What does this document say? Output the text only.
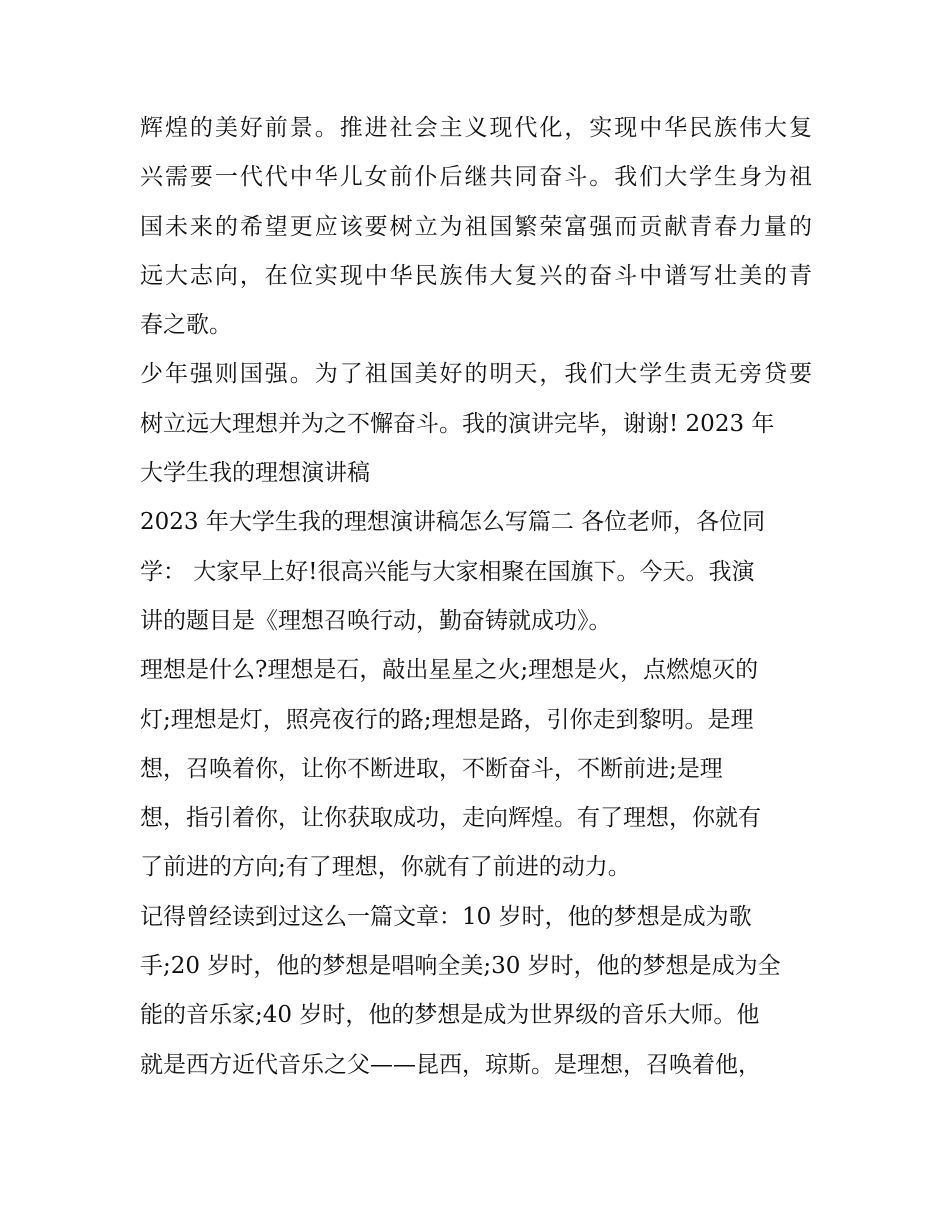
辉煌的美好前景。推进社会主义现代化，实现中华民族伟大复
兴需要一代代中华儿女前仆后继共同奋斗。我们大学生身为祖
国未来的希望更应该要树立为祖国繁荣富强而贡献青春力量的
远大志向，在位实现中华民族伟大复兴的奋斗中谱写壮美的青
春之歌。
少年强则国强。为了祖国美好的明天，我们大学生责无旁贷要
树立远大理想并为之不懈奋斗。我的演讲完毕，谢谢! 2023 年
大学生我的理想演讲稿
2023 年大学生我的理想演讲稿怎么写篇二 各位老师，各位同
学： 大家早上好!很高兴能与大家相聚在国旗下。今天。我演
讲的题目是《理想召唤行动，勤奋铸就成功》。
理想是什么?理想是石，敲出星星之火;理想是火，点燃熄灭的
灯;理想是灯，照亮夜行的路;理想是路，引你走到黎明。是理
想，召唤着你，让你不断进取，不断奋斗，不断前进;是理
想，指引着你，让你获取成功，走向辉煌。有了理想，你就有
了前进的方向;有了理想，你就有了前进的动力。
记得曾经读到过这么一篇文章：10 岁时，他的梦想是成为歌
手;20 岁时，他的梦想是唱响全美;30 岁时，他的梦想是成为全
能的音乐家;40 岁时，他的梦想是成为世界级的音乐大师。他
就是西方近代音乐之父——昆西，琼斯。是理想，召唤着他，
